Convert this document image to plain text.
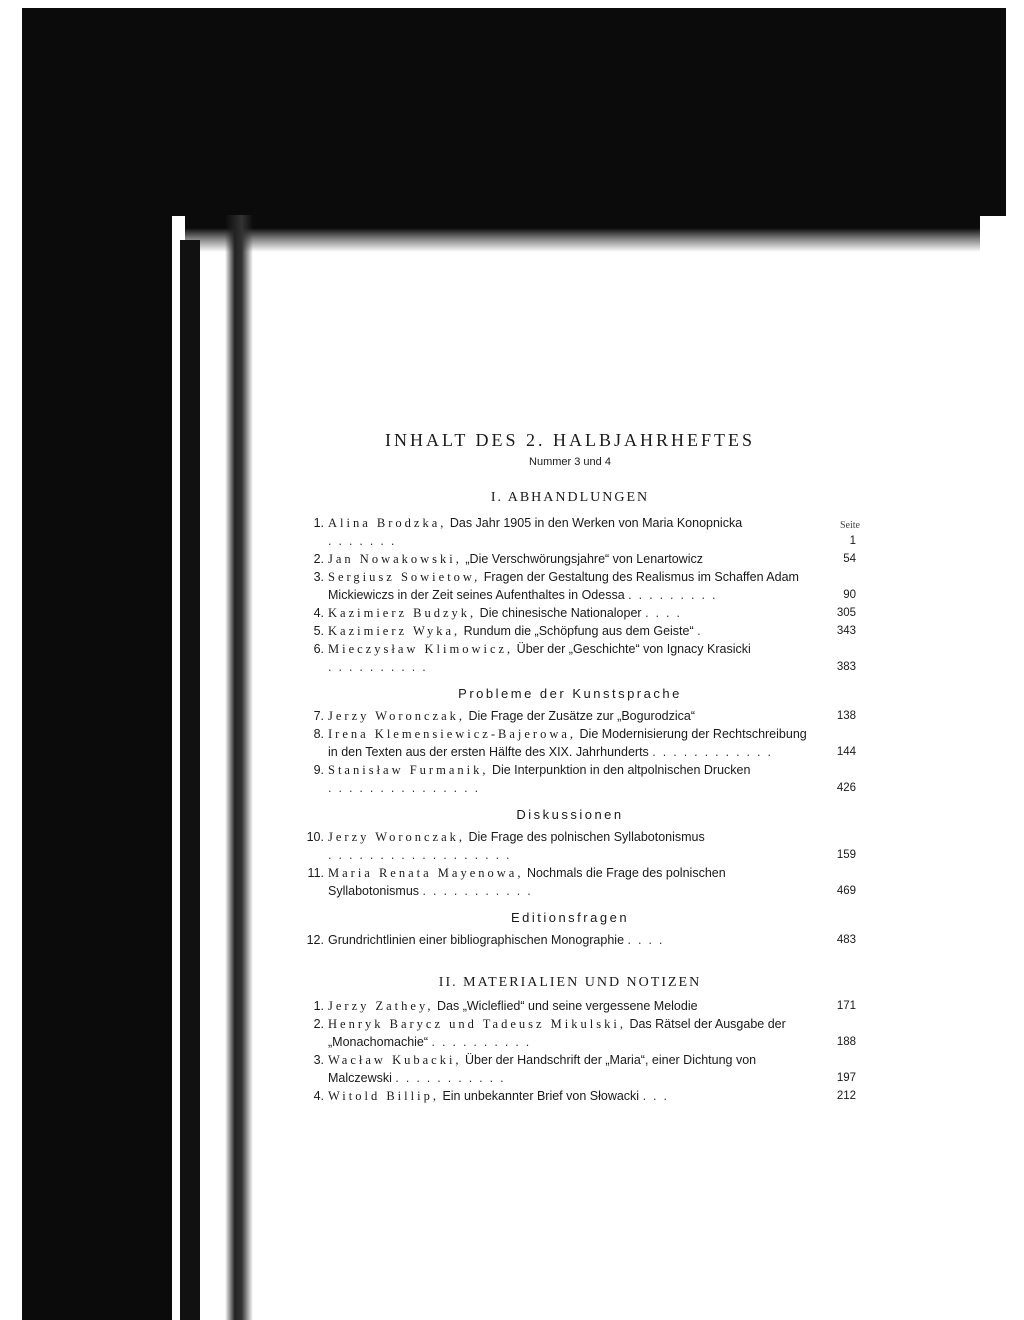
INHALT DES 2. HALBJAHRHEFTES
Nummer 3 und 4
I. ABHANDLUNGEN
Seite
1. Alina Brodzka, Das Jahr 1905 in den Werken von Maria Konopnicka .......	1
2. Jan Nowakowski, „Die Verschwörungsjahre“ von Lenartowicz	54
3. Sergiusz Sowietow, Fragen der Gestaltung des Realismus im Schaffen Adam Mickiewiczs in der Zeit seines Aufenthaltes in Odessa .........	90
4. Kazimierz Budzyk, Die chinesische Nationaloper ....	305
5. Kazimierz Wyka, Rundum die „Schöpfung aus dem Geiste“ .	343
6. Mieczysław Klimowicz, Über der „Geschichte“ von Ignacy Krasicki ..........	383
Probleme der Kunstsprache
7. Jerzy Woronczak, Die Frage der Zusätze zur „Bogurodzica“	138
8. Irena Klemensiewicz-Bajerowa, Die Modernisierung der Rechtschreibung in den Texten aus der ersten Hälfte des XIX. Jahrhunderts ............	144
9. Stanisław Furmanik, Die Interpunktion in den altpolnischen Drucken ...............	426
Diskussionen
10. Jerzy Woronczak, Die Frage des polnischen Syllabotonismus ..................	159
11. Maria Renata Mayenowa, Nochmals die Frage des polnischen Syllabotonismus ...........	469
Editionsfragen
12. Grundrichtlinien einer bibliographischen Monographie ....	483
II. MATERIALIEN UND NOTIZEN
1. Jerzy Zathey, Das „Wicleflied“ und seine vergessene Melodie	171
2. Henryk Barycz und Tadeusz Mikulski, Das Rätsel der Ausgabe der „Monachomachie“ ..........	188
3. Wacław Kubacki, Über der Handschrift der „Maria“, einer Dichtung von Malczewski ...........	197
4. Witold Billip, Ein unbekannter Brief von Słowacki ...	212
